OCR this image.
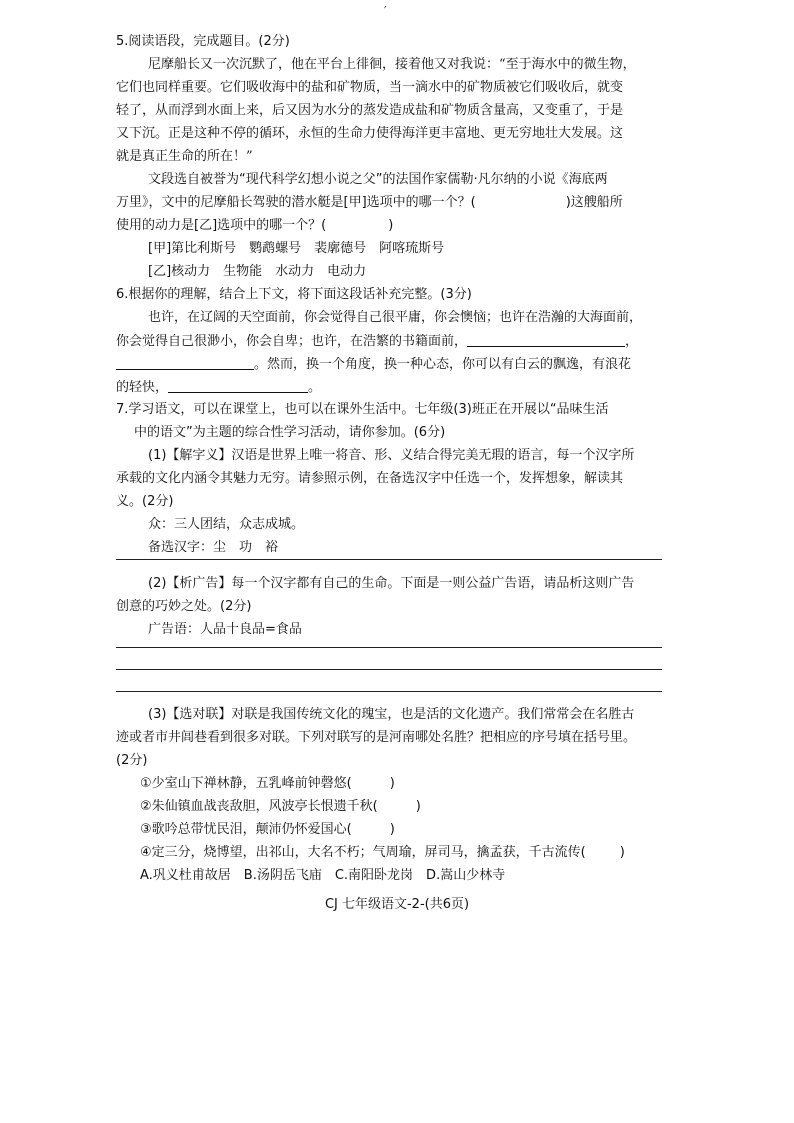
′
5.阅读语段，完成题目。(2分)
尼摩船长又一次沉默了，他在平台上徘徊，接着他又对我说：“至于海水中的微生物，
它们也同样重要。它们吸收海中的盐和矿物质，当一滴水中的矿物质被它们吸收后，就变
轻了，从而浮到水面上来，后又因为水分的蒸发造成盐和矿物质含量高，又变重了，于是
又下沉。正是这种不停的循环，永恒的生命力使得海洋更丰富地、更无穷地壮大发展。这
就是真正生命的所在！”
文段选自被誉为“现代科学幻想小说之父”的法国作家儒勒·凡尔纳的小说《海底两
万里》，文中的尼摩船长驾驶的潜水艇是[甲]选项中的哪一个？(	)这艘船所
使用的动力是[乙]选项中的哪一个？(	)
[甲]第比利斯号　鹦鹉螺号　裴廓德号　阿喀琉斯号
[乙]核动力　生物能　水动力　电动力
6.根据你的理解，结合上下文，将下面这段话补充完整。(3分)
也许，在辽阔的天空面前，你会觉得自己很平庸，你会懊恼；也许在浩瀚的大海面前，
你会觉得自己很渺小，你会自卑；也许，在浩繁的书籍面前，	，
。然而，换一个角度，换一种心态，你可以有白云的飘逸，有浪花
的轻快，	。
7.学习语文，可以在课堂上，也可以在课外生活中。七年级(3)班正在开展以“品味生活
中的语文”为主题的综合性学习活动，请你参加。(6分)
(1)【解字义】汉语是世界上唯一将音、形、义结合得完美无瑕的语言，每一个汉字所
承载的文化内涵令其魅力无穷。请参照示例，在备选汉字中任选一个，发挥想象，解读其
义。(2分)
众：三人团结，众志成城。
备选汉字：尘　功　裕
(2)【析广告】每一个汉字都有自己的生命。下面是一则公益广告语，请品析这则广告
创意的巧妙之处。(2分)
广告语：人品十良品=食品
(3)【选对联】对联是我国传统文化的瑰宝，也是活的文化遗产。我们常常会在名胜古
迹或者市井闾巷看到很多对联。下列对联写的是河南哪处名胜？把相应的序号填在括号里。
(2分)
①少室山下禅林静，五乳峰前钟磬悠(	)
②朱仙镇血战丧敌胆，风波亭长恨遗千秋(	)
③歌吟总带忧民泪，颠沛仍怀爱国心(	)
④定三分，烧博望，出祁山，大名不朽；气周瑜，屏司马，擒孟获，千古流传(	)
A.巩义杜甫故居　B.汤阴岳飞庙　C.南阳卧龙岗　D.嵩山少林寺
CJ 七年级语文-2-(共6页)
